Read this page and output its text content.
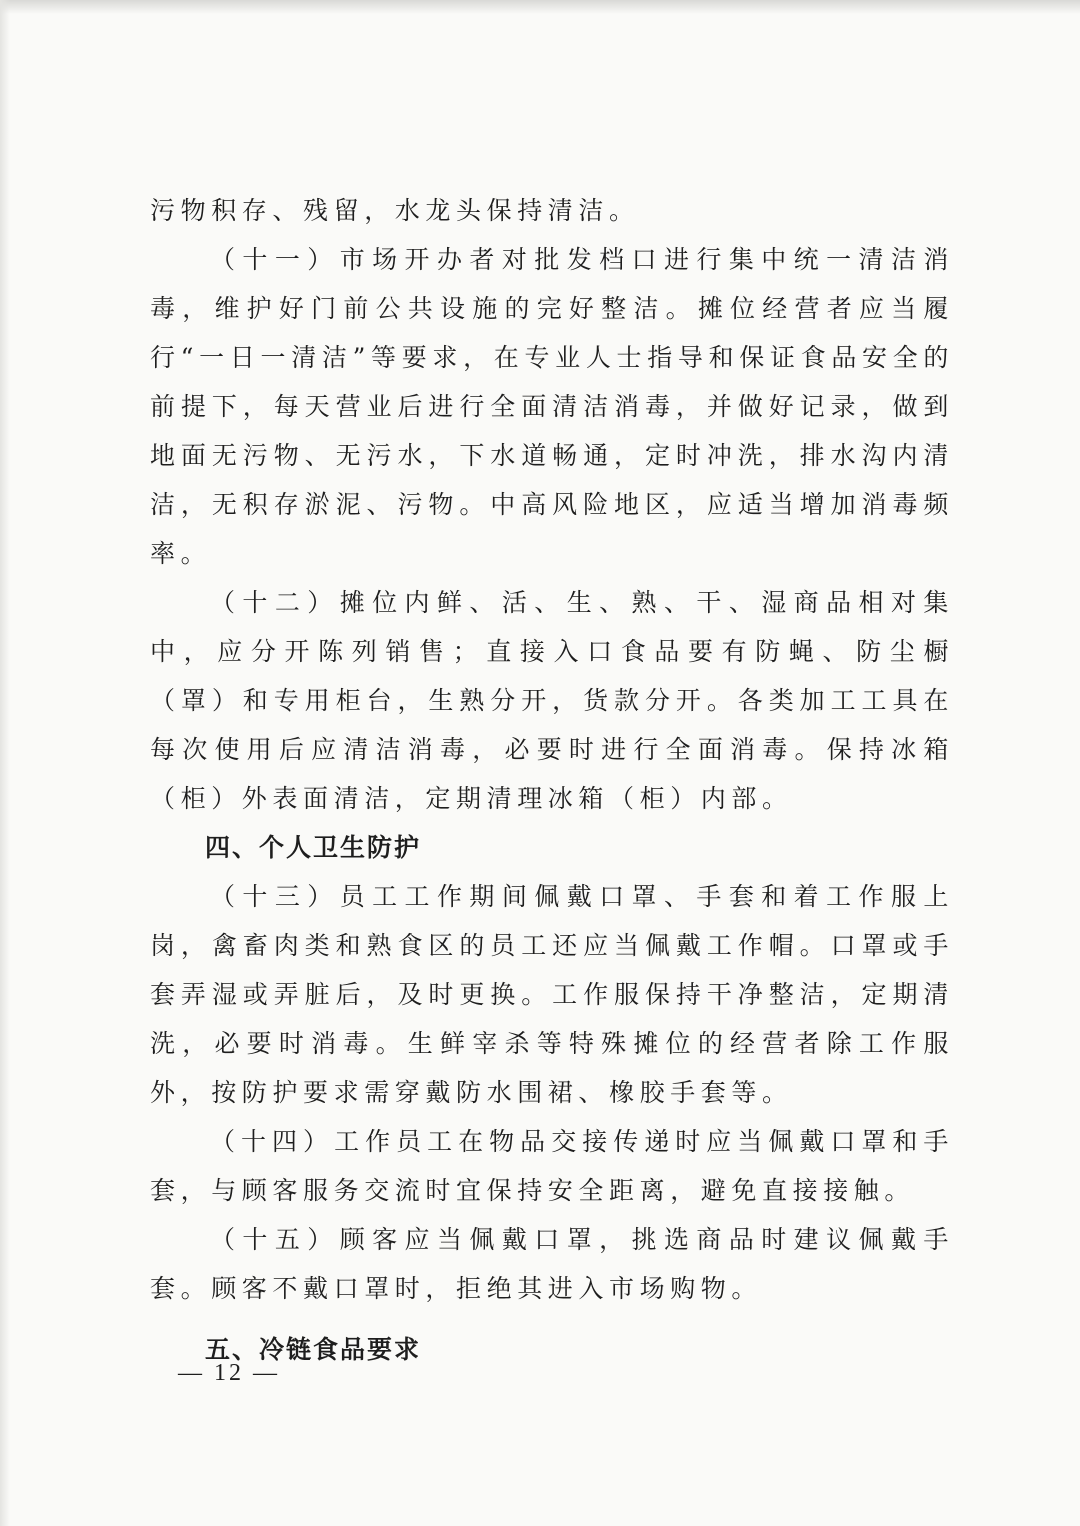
污物积存、残留，水龙头保持清洁。

（十一）市场开办者对批发档口进行集中统一清洁消毒，维护好门前公共设施的完好整洁。摊位经营者应当履行“一日一清洁”等要求，在专业人士指导和保证食品安全的前提下，每天营业后进行全面清洁消毒，并做好记录，做到地面无污物、无污水，下水道畅通，定时冲洗，排水沟内清洁，无积存淤泥、污物。中高风险地区，应适当增加消毒频率。

（十二）摊位内鲜、活、生、熟、干、湿商品相对集中，应分开陈列销售；直接入口食品要有防蝇、防尘橱（罩）和专用柜台，生熟分开，货款分开。各类加工工具在每次使用后应清洁消毒，必要时进行全面消毒。保持冰箱（柜）外表面清洁，定期清理冰箱（柜）内部。

四、个人卫生防护

（十三）员工工作期间佩戴口罩、手套和着工作服上岗，禽畜肉类和熟食区的员工还应当佩戴工作帽。口罩或手套弄湿或弄脏后，及时更换。工作服保持干净整洁，定期清洗，必要时消毒。生鲜宰杀等特殊摊位的经营者除工作服外，按防护要求需穿戴防水围裙、橡胶手套等。

（十四）工作员工在物品交接传递时应当佩戴口罩和手套，与顾客服务交流时宜保持安全距离，避免直接接触。

（十五）顾客应当佩戴口罩，挑选商品时建议佩戴手套。顾客不戴口罩时，拒绝其进入市场购物。

五、冷链食品要求

— 12 —
